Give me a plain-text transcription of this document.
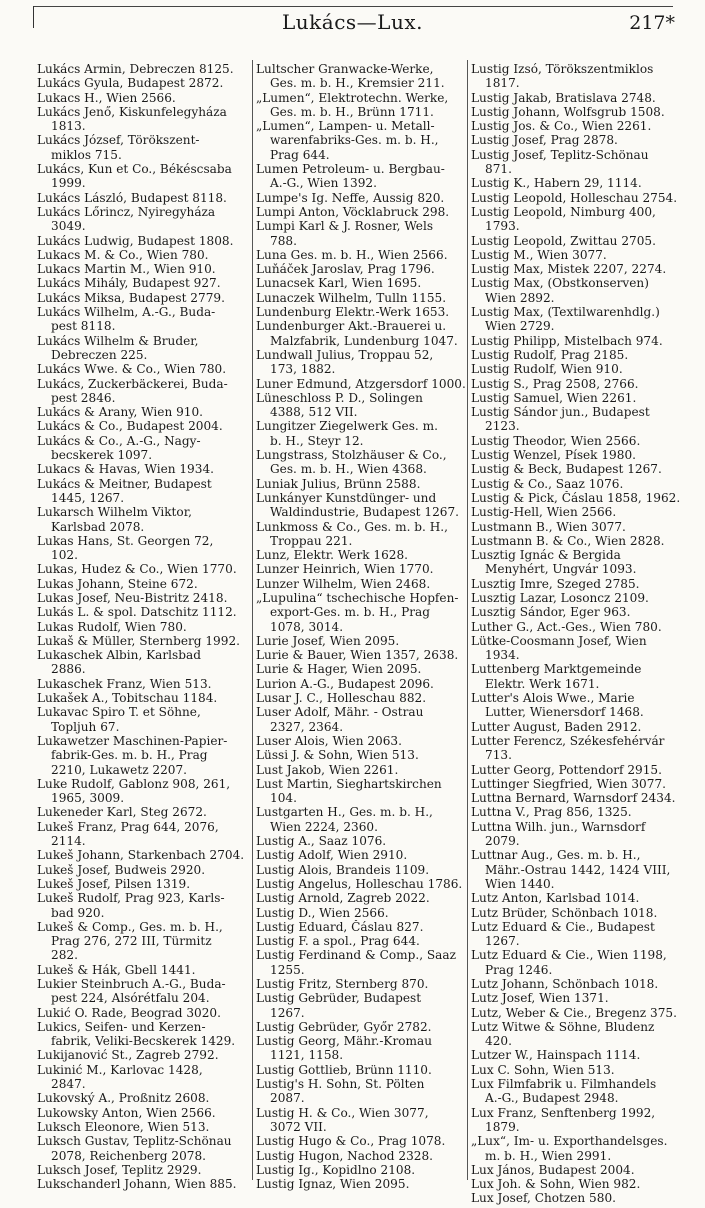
Lukács—Lux.	217*
Lukács Armin, Debreczen 8125.
Lukács Gyula, Budapest 2872.
Lukacs H., Wien 2566.
Lukács Jenő, Kiskunfelegyháza
1813.
Lukács József, Törökszent-
miklos 715.
Lukács, Kun et Co., Békéscsaba
1999.
Lukács László, Budapest 8118.
Lukács Lőrincz, Nyiregyháza
3049.
Lukács Ludwig, Budapest 1808.
Lukacs M. & Co., Wien 780.
Lukacs Martin M., Wien 910.
Lukács Mihály, Budapest 927.
Lukács Miksa, Budapest 2779.
Lukács Wilhelm, A.-G., Buda-
pest 8118.
Lukács Wilhelm & Bruder,
Debreczen 225.
Lukács Wwe. & Co., Wien 780.
Lukács, Zuckerbäckerei, Buda-
pest 2846.
Lukács & Arany, Wien 910.
Lukács & Co., Budapest 2004.
Lukács & Co., A.-G., Nagy-
becskerek 1097.
Lukacs & Havas, Wien 1934.
Lukács & Meitner, Budapest
1445, 1267.
Lukarsch Wilhelm Viktor,
Karlsbad 2078.
Lukas Hans, St. Georgen 72,
102.
Lukas, Hudez & Co., Wien 1770.
Lukas Johann, Steine 672.
Lukas Josef, Neu-Bistritz 2418.
Lukás L. & spol. Datschitz 1112.
Lukas Rudolf, Wien 780.
Lukaš & Müller, Sternberg 1992.
Lukaschek Albin, Karlsbad
2886.
Lukaschek Franz, Wien 513.
Lukašek A., Tobitschau 1184.
Lukavac Spiro T. et Söhne,
Topljuh 67.
Lukawetzer Maschinen-Papier-
fabrik-Ges. m. b. H., Prag
2210, Lukawetz 2207.
Luke Rudolf, Gablonz 908, 261,
1965, 3009.
Lukeneder Karl, Steg 2672.
Lukeš Franz, Prag 644, 2076,
2114.
Lukeš Johann, Starkenbach 2704.
Lukeš Josef, Budweis 2920.
Lukeš Josef, Pilsen 1319.
Lukeš Rudolf, Prag 923, Karls-
bad 920.
Lukeš & Comp., Ges. m. b. H.,
Prag 276, 272 III, Türmitz
282.
Lukeš & Hák, Gbell 1441.
Lukier Steinbruch A.-G., Buda-
pest 224, Alsórétfalu 204.
Lukić O. Rade, Beograd 3020.
Lukics, Seifen- und Kerzen-
fabrik, Veliki-Becskerek 1429.
Lukijanović St., Zagreb 2792.
Lukinić M., Karlovac 1428,
2847.
Lukovský A., Proßnitz 2608.
Lukowsky Anton, Wien 2566.
Luksch Eleonore, Wien 513.
Luksch Gustav, Teplitz-Schönau
2078, Reichenberg 2078.
Luksch Josef, Teplitz 2929.
Lukschanderl Johann, Wien 885.
Lultscher Granwacke-Werke,
Ges. m. b. H., Kremsier 211.
„Lumen“, Elektrotechn. Werke,
Ges. m. b. H., Brünn 1711.
„Lumen“, Lampen- u. Metall-
warenfabriks-Ges. m. b. H.,
Prag 644.
Lumen Petroleum- u. Bergbau-
A.-G., Wien 1392.
Lumpe's Ig. Neffe, Aussig 820.
Lumpi Anton, Vöcklabruck 298.
Lumpi Karl & J. Rosner, Wels
788.
Luna Ges. m. b. H., Wien 2566.
Luňáček Jaroslav, Prag 1796.
Lunacsek Karl, Wien 1695.
Lunaczek Wilhelm, Tulln 1155.
Lundenburg Elektr.-Werk 1653.
Lundenburger Akt.-Brauerei u.
Malzfabrik, Lundenburg 1047.
Lundwall Julius, Troppau 52,
173, 1882.
Luner Edmund, Atzgersdorf 1000.
Lüneschloss P. D., Solingen
4388, 512 VII.
Lungitzer Ziegelwerk Ges. m.
b. H., Steyr 12.
Lungstrass, Stolzhäuser & Co.,
Ges. m. b. H., Wien 4368.
Luniak Julius, Brünn 2588.
Lunkányer Kunstdünger- und
Waldindustrie, Budapest 1267.
Lunkmoss & Co., Ges. m. b. H.,
Troppau 221.
Lunz, Elektr. Werk 1628.
Lunzer Heinrich, Wien 1770.
Lunzer Wilhelm, Wien 2468.
„Lupulina“ tschechische Hopfen-
export-Ges. m. b. H., Prag
1078, 3014.
Lurie Josef, Wien 2095.
Lurie & Bauer, Wien 1357, 2638.
Lurie & Hager, Wien 2095.
Lurion A.-G., Budapest 2096.
Lusar J. C., Holleschau 882.
Luser Adolf, Mähr. - Ostrau
2327, 2364.
Luser Alois, Wien 2063.
Lüssi J. & Sohn, Wien 513.
Lust Jakob, Wien 2261.
Lust Martin, Sieghartskirchen
104.
Lustgarten H., Ges. m. b. H.,
Wien 2224, 2360.
Lustig A., Saaz 1076.
Lustig Adolf, Wien 2910.
Lustig Alois, Brandeis 1109.
Lustig Angelus, Holleschau 1786.
Lustig Arnold, Zagreb 2022.
Lustig D., Wien 2566.
Lustig Eduard, Čáslau 827.
Lustig F. a spol., Prag 644.
Lustig Ferdinand & Comp., Saaz
1255.
Lustig Fritz, Sternberg 870.
Lustig Gebrüder, Budapest
1267.
Lustig Gebrüder, Győr 2782.
Lustig Georg, Mähr.-Kromau
1121, 1158.
Lustig Gottlieb, Brünn 1110.
Lustig's H. Sohn, St. Pölten
2087.
Lustig H. & Co., Wien 3077,
3072 VII.
Lustig Hugo & Co., Prag 1078.
Lustig Hugon, Nachod 2328.
Lustig Ig., Kopidlno 2108.
Lustig Ignaz, Wien 2095.
Lustig Izsó, Törökszentmiklos
1817.
Lustig Jakab, Bratislava 2748.
Lustig Johann, Wolfsgrub 1508.
Lustig Jos. & Co., Wien 2261.
Lustig Josef, Prag 2878.
Lustig Josef, Teplitz-Schönau
871.
Lustig K., Habern 29, 1114.
Lustig Leopold, Holleschau 2754.
Lustig Leopold, Nimburg 400,
1793.
Lustig Leopold, Zwittau 2705.
Lustig M., Wien 3077.
Lustig Max, Mistek 2207, 2274.
Lustig Max, (Obstkonserven)
Wien 2892.
Lustig Max, (Textilwarenhdlg.)
Wien 2729.
Lustig Philipp, Mistelbach 974.
Lustig Rudolf, Prag 2185.
Lustig Rudolf, Wien 910.
Lustig S., Prag 2508, 2766.
Lustig Samuel, Wien 2261.
Lustig Sándor jun., Budapest
2123.
Lustig Theodor, Wien 2566.
Lustig Wenzel, Písek 1980.
Lustig & Beck, Budapest 1267.
Lustig & Co., Saaz 1076.
Lustig & Pick, Čáslau 1858, 1962.
Lustig-Hell, Wien 2566.
Lustmann B., Wien 3077.
Lustmann B. & Co., Wien 2828.
Lusztig Ignác & Bergida
Menyhért, Ungvár 1093.
Lusztig Imre, Szeged 2785.
Lusztig Lazar, Losoncz 2109.
Lusztig Sándor, Eger 963.
Luther G., Act.-Ges., Wien 780.
Lütke-Coosmann Josef, Wien
1934.
Luttenberg Marktgemeinde
Elektr. Werk 1671.
Lutter's Alois Wwe., Marie
Lutter, Wienersdorf 1468.
Lutter August, Baden 2912.
Lutter Ferencz, Székesfehérvár
713.
Lutter Georg, Pottendorf 2915.
Luttinger Siegfried, Wien 3077.
Luttna Bernard, Warnsdorf 2434.
Luttna V., Prag 856, 1325.
Luttna Wilh. jun., Warnsdorf
2079.
Luttnar Aug., Ges. m. b. H.,
Mähr.-Ostrau 1442, 1424 VIII,
Wien 1440.
Lutz Anton, Karlsbad 1014.
Lutz Brüder, Schönbach 1018.
Lutz Eduard & Cie., Budapest
1267.
Lutz Eduard & Cie., Wien 1198,
Prag 1246.
Lutz Johann, Schönbach 1018.
Lutz Josef, Wien 1371.
Lutz, Weber & Cie., Bregenz 375.
Lutz Witwe & Söhne, Bludenz
420.
Lutzer W., Hainspach 1114.
Lux C. Sohn, Wien 513.
Lux Filmfabrik u. Filmhandels
A.-G., Budapest 2948.
Lux Franz, Senftenberg 1992,
1879.
„Lux“, Im- u. Exporthandelsges.
m. b. H., Wien 2991.
Lux János, Budapest 2004.
Lux Joh. & Sohn, Wien 982.
Lux Josef, Chotzen 580.
